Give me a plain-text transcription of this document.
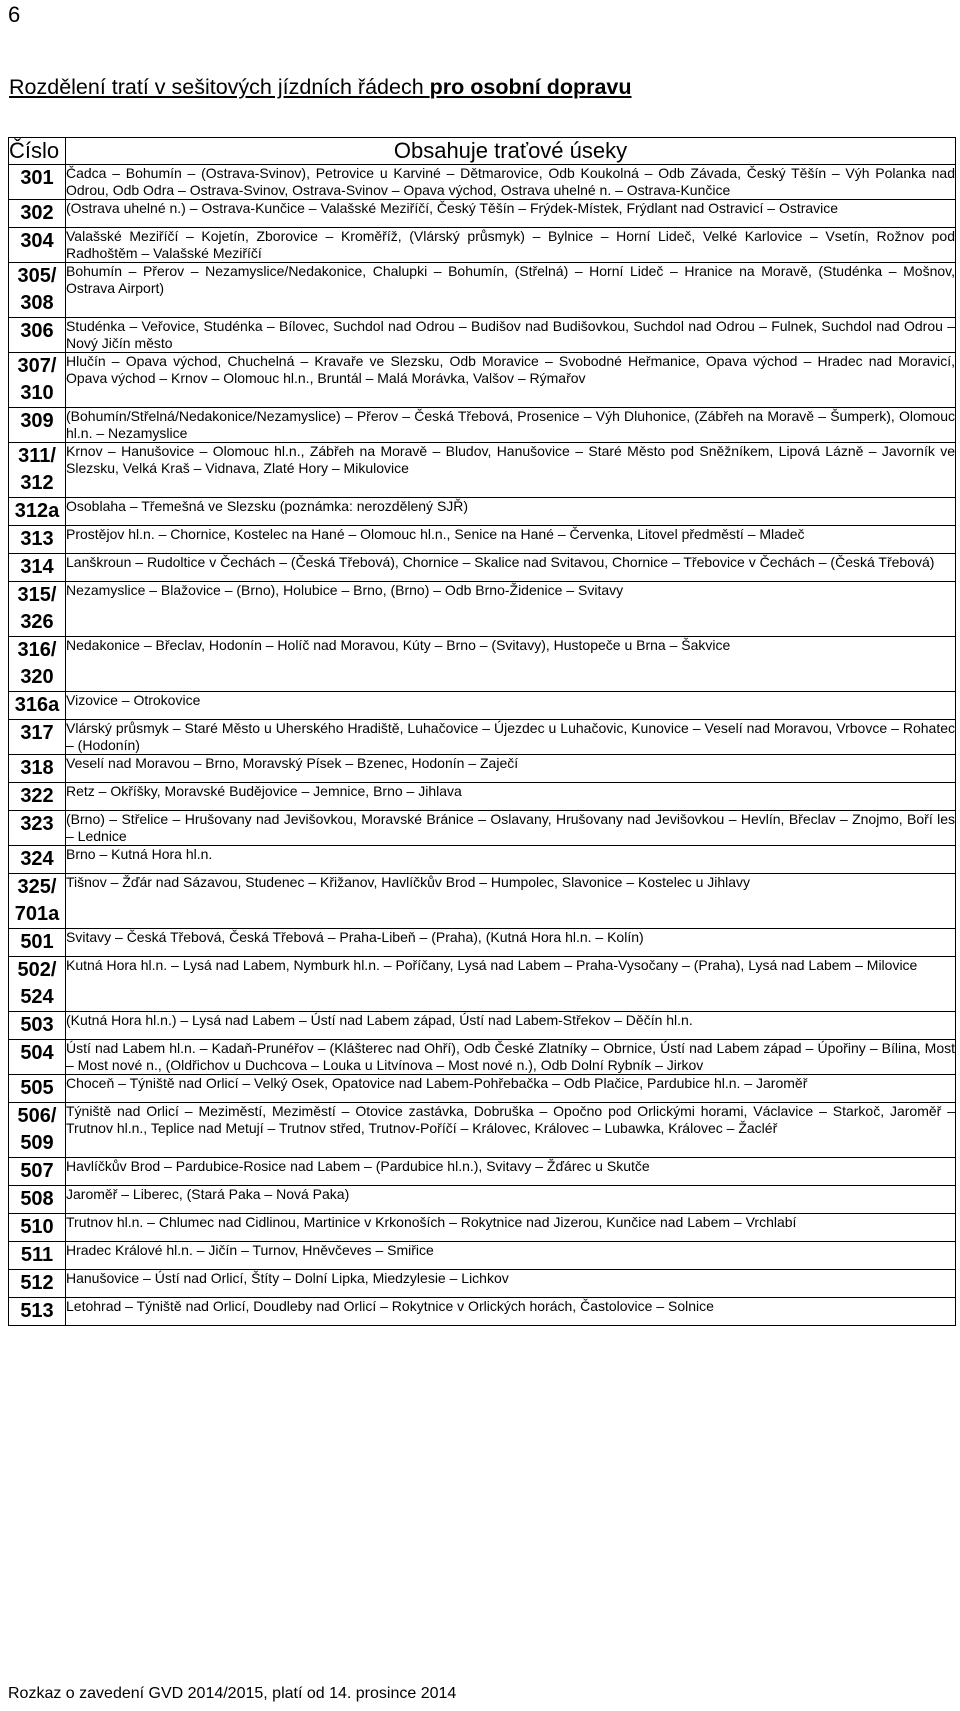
6
Rozdělení tratí v sešitových jízdních řádech pro osobní dopravu
Číslo	Obsahuje traťové úseky
301	Čadca – Bohumín – (Ostrava-Svinov), Petrovice u Karviné – Dětmarovice, Odb Koukolná – Odb Závada, Český Těšín – Výh Polanka nad Odrou, Odb Odra – Ostrava-Svinov, Ostrava-Svinov – Opava východ, Ostrava uhelné n. – Ostrava-Kunčice
302	(Ostrava uhelné n.) – Ostrava-Kunčice – Valašské Meziříčí, Český Těšín – Frýdek-Místek, Frýdlant nad Ostravicí – Ostravice
304	Valašské Meziříčí – Kojetín, Zborovice – Kroměříž, (Vlárský průsmyk) – Bylnice – Horní Lideč, Velké Karlovice – Vsetín, Rožnov pod Radhoštěm – Valašské Meziříčí
305/
308	Bohumín – Přerov – Nezamyslice/Nedakonice, Chalupki – Bohumín, (Střelná) – Horní Lideč – Hranice na Moravě, (Studénka – Mošnov, Ostrava Airport)
306	Studénka – Veřovice, Studénka – Bílovec, Suchdol nad Odrou – Budišov nad Budišovkou, Suchdol nad Odrou – Fulnek, Suchdol nad Odrou – Nový Jičín město
307/
310	Hlučín – Opava východ, Chuchelná – Kravaře ve Slezsku, Odb Moravice – Svobodné Heřmanice, Opava východ – Hradec nad Moravicí, Opava východ – Krnov – Olomouc hl.n., Bruntál – Malá Morávka, Valšov – Rýmařov
309	(Bohumín/Střelná/Nedakonice/Nezamyslice) – Přerov – Česká Třebová, Prosenice – Výh Dluhonice, (Zábřeh na Moravě – Šumperk), Olomouc hl.n. – Nezamyslice
311/
312	Krnov – Hanušovice – Olomouc hl.n., Zábřeh na Moravě – Bludov, Hanušovice – Staré Město pod Sněžníkem, Lipová Lázně – Javorník ve Slezsku, Velká Kraš – Vidnava, Zlaté Hory – Mikulovice
312a	Osoblaha – Třemešná ve Slezsku (poznámka: nerozdělený SJŘ)
313	Prostějov hl.n. – Chornice, Kostelec na Hané – Olomouc hl.n., Senice na Hané – Červenka, Litovel předměstí – Mladeč
314	Lanškroun – Rudoltice v Čechách – (Česká Třebová), Chornice – Skalice nad Svitavou, Chornice – Třebovice v Čechách – (Česká Třebová)
315/
326	Nezamyslice – Blažovice – (Brno), Holubice – Brno, (Brno) – Odb Brno-Židenice – Svitavy
316/
320	Nedakonice – Břeclav, Hodonín – Holíč nad Moravou, Kúty – Brno – (Svitavy), Hustopeče u Brna – Šakvice
316a	Vizovice – Otrokovice
317	Vlárský průsmyk – Staré Město u Uherského Hradiště, Luhačovice – Újezdec u Luhačovic, Kunovice – Veselí nad Moravou, Vrbovce – Rohatec – (Hodonín)
318	Veselí nad Moravou – Brno, Moravský Písek – Bzenec, Hodonín – Zaječí
322	Retz – Okříšky, Moravské Budějovice – Jemnice, Brno – Jihlava
323	(Brno) – Střelice – Hrušovany nad Jevišovkou, Moravské Bránice – Oslavany, Hrušovany nad Jevišovkou – Hevlín, Břeclav – Znojmo, Boří les – Lednice
324	Brno – Kutná Hora hl.n.
325/
701a	Tišnov – Žďár nad Sázavou, Studenec – Křižanov, Havlíčkův Brod – Humpolec, Slavonice – Kostelec u Jihlavy
501	Svitavy – Česká Třebová, Česká Třebová – Praha-Libeň – (Praha), (Kutná Hora hl.n. – Kolín)
502/
524	Kutná Hora hl.n. – Lysá nad Labem, Nymburk hl.n. – Poříčany, Lysá nad Labem – Praha-Vysočany – (Praha), Lysá nad Labem – Milovice
503	(Kutná Hora hl.n.) – Lysá nad Labem – Ústí nad Labem západ, Ústí nad Labem-Střekov – Děčín hl.n.
504	Ústí nad Labem hl.n. – Kadaň-Prunéřov – (Klášterec nad Ohří), Odb České Zlatníky – Obrnice, Ústí nad Labem západ – Úpořiny – Bílina, Most – Most nové n., (Oldřichov u Duchcova – Louka u Litvínova – Most nové n.), Odb Dolní Rybník – Jirkov
505	Choceň – Týniště nad Orlicí – Velký Osek, Opatovice nad Labem-Pohřebačka – Odb Plačice, Pardubice hl.n. – Jaroměř
506/
509	Týniště nad Orlicí – Meziměstí, Meziměstí – Otovice zastávka, Dobruška – Opočno pod Orlickými horami, Václavice – Starkoč, Jaroměř – Trutnov hl.n., Teplice nad Metují – Trutnov střed, Trutnov-Poříčí – Královec, Královec – Lubawka, Královec – Žacléř
507	Havlíčkův Brod – Pardubice-Rosice nad Labem – (Pardubice hl.n.), Svitavy – Žďárec u Skutče
508	Jaroměř – Liberec, (Stará Paka – Nová Paka)
510	Trutnov hl.n. – Chlumec nad Cidlinou, Martinice v Krkonoších – Rokytnice nad Jizerou, Kunčice nad Labem – Vrchlabí
511	Hradec Králové hl.n. – Jičín – Turnov, Hněvčeves – Smiřice
512	Hanušovice – Ústí nad Orlicí, Štíty – Dolní Lipka, Miedzylesie – Lichkov
513	Letohrad – Týniště nad Orlicí, Doudleby nad Orlicí – Rokytnice v Orlických horách, Častolovice – Solnice
Rozkaz o zavedení GVD 2014/2015, platí od 14. prosince 2014
